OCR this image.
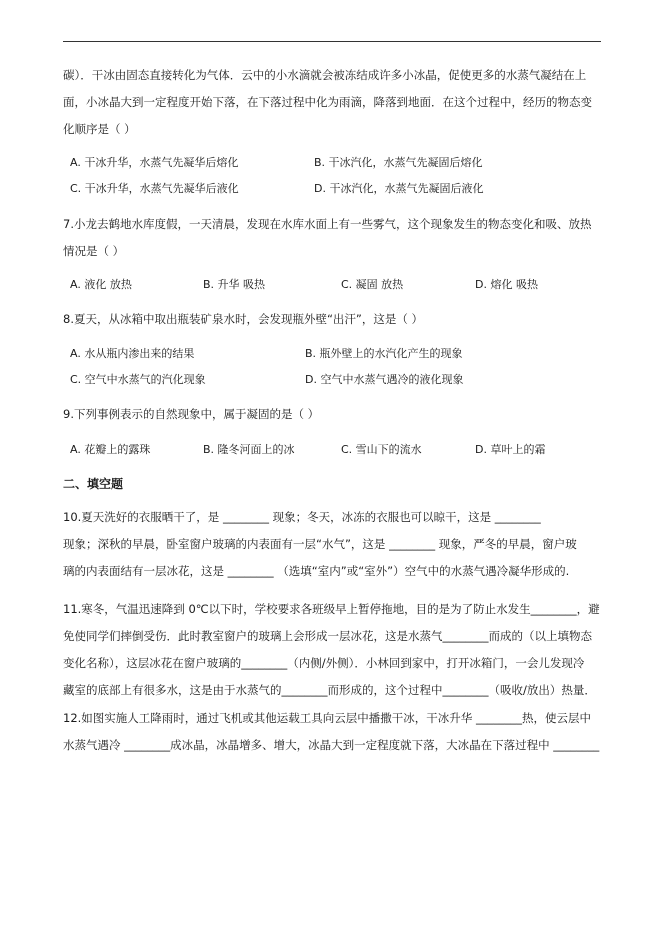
碳）．干冰由固态直接转化为气体．云中的小水滴就会被冻结成许多小冰晶，促使更多的水蒸气凝结在上
面，小冰晶大到一定程度开始下落，在下落过程中化为雨滴，降落到地面．在这个过程中，经历的物态变
化顺序是（ ）
A. 干冰升华，水蒸气先凝华后熔化	B. 干冰汽化，水蒸气先凝固后熔化
C. 干冰升华，水蒸气先凝华后液化	D. 干冰汽化，水蒸气先凝固后液化
7.小龙去鹤地水库度假，一天清晨，发现在水库水面上有一些雾气，这个现象发生的物态变化和吸、放热
情况是（ ）
A. 液化 放热	B. 升华 吸热	C. 凝固 放热	D. 熔化 吸热
8.夏天，从冰箱中取出瓶装矿泉水时，会发现瓶外壁“出汗”，这是（ ）
A. 水从瓶内渗出来的结果	B. 瓶外壁上的水汽化产生的现象
C. 空气中水蒸气的汽化现象	D. 空气中水蒸气遇冷的液化现象
9.下列事例表示的自然现象中，属于凝固的是（ ）
A. 花瓣上的露珠	B. 隆冬河面上的冰	C. 雪山下的流水	D. 草叶上的霜
二、填空题
10.夏天洗好的衣服晒干了，是 ________ 现象；冬天，冰冻的衣服也可以晾干，这是 ________
现象；深秋的早晨，卧室窗户玻璃的内表面有一层“水气”，这是 ________ 现象，严冬的早晨，窗户玻
璃的内表面结有一层冰花，这是 ________ （选填“室内”或“室外”）空气中的水蒸气遇冷凝华形成的.
11.寒冬，气温迅速降到 0℃以下时，学校要求各班级早上暂停拖地，目的是为了防止水发生________，避
免使同学们摔倒受伤．此时教室窗户的玻璃上会形成一层冰花，这是水蒸气________而成的（以上填物态
变化名称），这层冰花在窗户玻璃的________（内侧/外侧）．小林回到家中，打开冰箱门，一会儿发现冷
藏室的底部上有很多水，这是由于水蒸气的________而形成的，这个过程中________（吸收/放出）热量．
12.如图实施人工降雨时，通过飞机或其他运载工具向云层中播撒干冰，干冰升华 ________热，使云层中
水蒸气遇冷 ________成冰晶，冰晶增多、增大，冰晶大到一定程度就下落，大冰晶在下落过程中 ________
